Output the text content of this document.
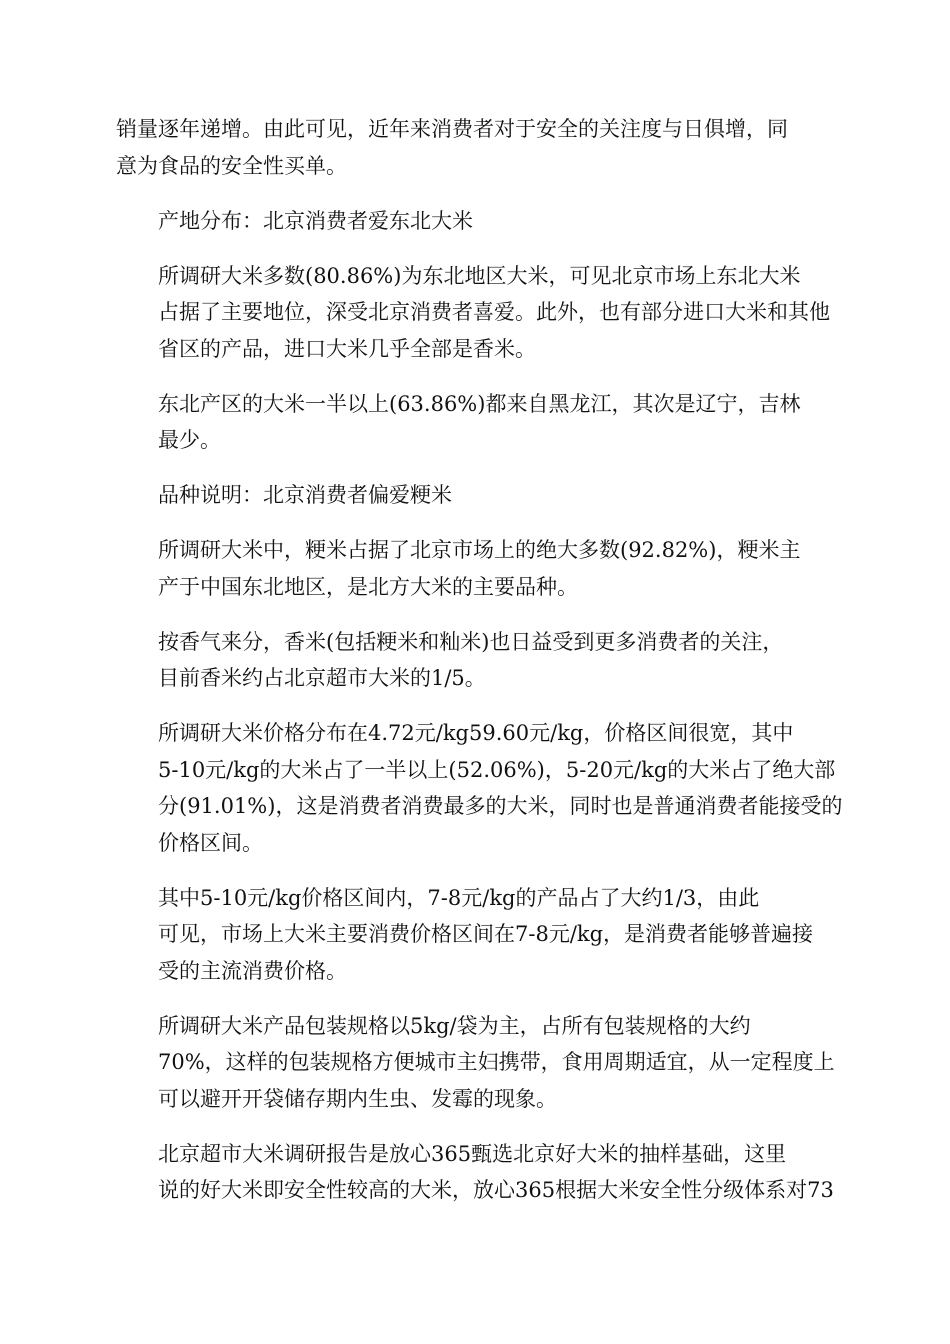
销量逐年递增。由此可见，近年来消费者对于安全的关注度与日俱增，同
意为食品的安全性买单。

产地分布：北京消费者爱东北大米

所调研大米多数(80.86%)为东北地区大米，可见北京市场上东北大米
占据了主要地位，深受北京消费者喜爱。此外，也有部分进口大米和其他
省区的产品，进口大米几乎全部是香米。

东北产区的大米一半以上(63.86%)都来自黑龙江，其次是辽宁，吉林
最少。

品种说明：北京消费者偏爱粳米

所调研大米中，粳米占据了北京市场上的绝大多数(92.82%)，粳米主
产于中国东北地区，是北方大米的主要品种。

按香气来分，香米(包括粳米和籼米)也日益受到更多消费者的关注，
目前香米约占北京超市大米的1/5。

所调研大米价格分布在4.72元/kg59.60元/kg，价格区间很宽，其中
5-10元/kg的大米占了一半以上(52.06%)，5-20元/kg的大米占了绝大部
分(91.01%)，这是消费者消费最多的大米，同时也是普通消费者能接受的
价格区间。

其中5-10元/kg价格区间内，7-8元/kg的产品占了大约1/3，由此
可见，市场上大米主要消费价格区间在7-8元/kg，是消费者能够普遍接
受的主流消费价格。

所调研大米产品包装规格以5kg/袋为主，占所有包装规格的大约
70%，这样的包装规格方便城市主妇携带，食用周期适宜，从一定程度上
可以避开开袋储存期内生虫、发霉的现象。

北京超市大米调研报告是放心365甄选北京好大米的抽样基础，这里
说的好大米即安全性较高的大米，放心365根据大米安全性分级体系对73
